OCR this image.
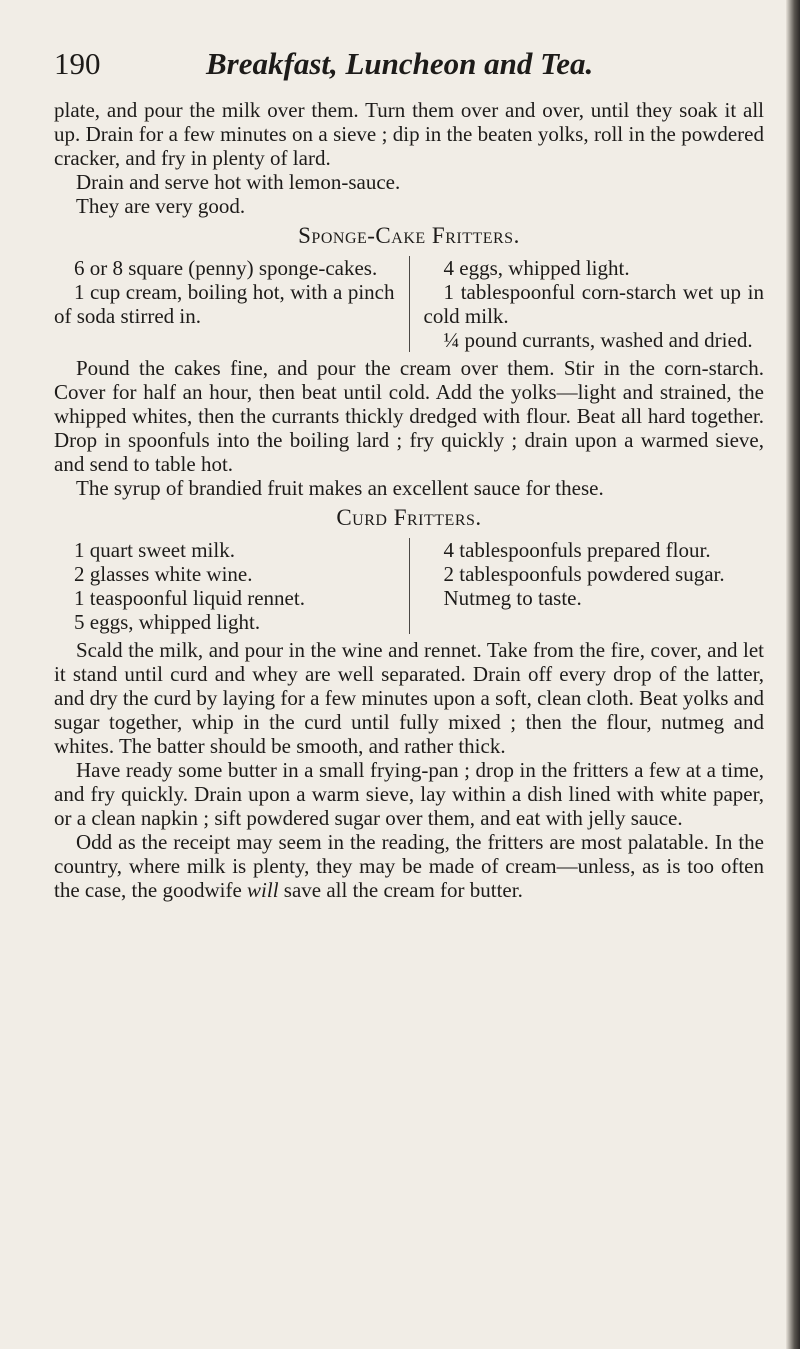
190	Breakfast, Luncheon and Tea.

plate, and pour the milk over them. Turn them over and over, until they soak it all up. Drain for a few minutes on a sieve ; dip in the beaten yolks, roll in the powdered cracker, and fry in plenty of lard.

Drain and serve hot with lemon-sauce.

They are very good.

Sponge-Cake Fritters.

6 or 8 square (penny) sponge-cakes.

1 cup cream, boiling hot, with a pinch of soda stirred in.

4 eggs, whipped light.

1 tablespoonful corn-starch wet up in cold milk.

¼ pound currants, washed and dried.

Pound the cakes fine, and pour the cream over them. Stir in the corn-starch. Cover for half an hour, then beat until cold. Add the yolks—light and strained, the whipped whites, then the currants thickly dredged with flour. Beat all hard together. Drop in spoonfuls into the boiling lard ; fry quickly ; drain upon a warmed sieve, and send to table hot.

The syrup of brandied fruit makes an excellent sauce for these.

Curd Fritters.

1 quart sweet milk.

2 glasses white wine.

1 teaspoonful liquid rennet.

5 eggs, whipped light.

4 tablespoonfuls prepared flour.

2 tablespoonfuls powdered sugar.

Nutmeg to taste.

Scald the milk, and pour in the wine and rennet. Take from the fire, cover, and let it stand until curd and whey are well separated. Drain off every drop of the latter, and dry the curd by laying for a few minutes upon a soft, clean cloth. Beat yolks and sugar together, whip in the curd until fully mixed ; then the flour, nutmeg and whites. The batter should be smooth, and rather thick.

Have ready some butter in a small frying-pan ; drop in the fritters a few at a time, and fry quickly. Drain upon a warm sieve, lay within a dish lined with white paper, or a clean napkin ; sift powdered sugar over them, and eat with jelly sauce.

Odd as the receipt may seem in the reading, the fritters are most palatable. In the country, where milk is plenty, they may be made of cream—unless, as is too often the case, the goodwife will save all the cream for butter.
